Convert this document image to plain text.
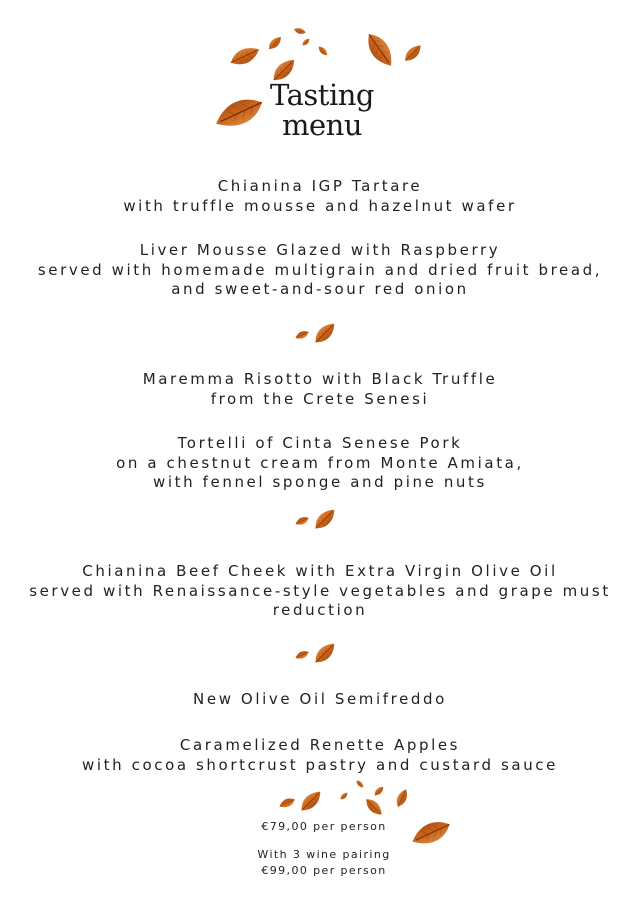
Tasting
menu
Chianina IGP Tartare
with truffle mousse and hazelnut wafer
Liver Mousse Glazed with Raspberry
served with homemade multigrain and dried fruit bread,
and sweet-and-sour red onion
Maremma Risotto with Black Truffle
from the Crete Senesi
Tortelli of Cinta Senese Pork
on a chestnut cream from Monte Amiata,
with fennel sponge and pine nuts
Chianina Beef Cheek with Extra Virgin Olive Oil
served with Renaissance-style vegetables and grape must
reduction
New Olive Oil Semifreddo
Caramelized Renette Apples
with cocoa shortcrust pastry and custard sauce
€79,00 per person
With 3 wine pairing
€99,00 per person
